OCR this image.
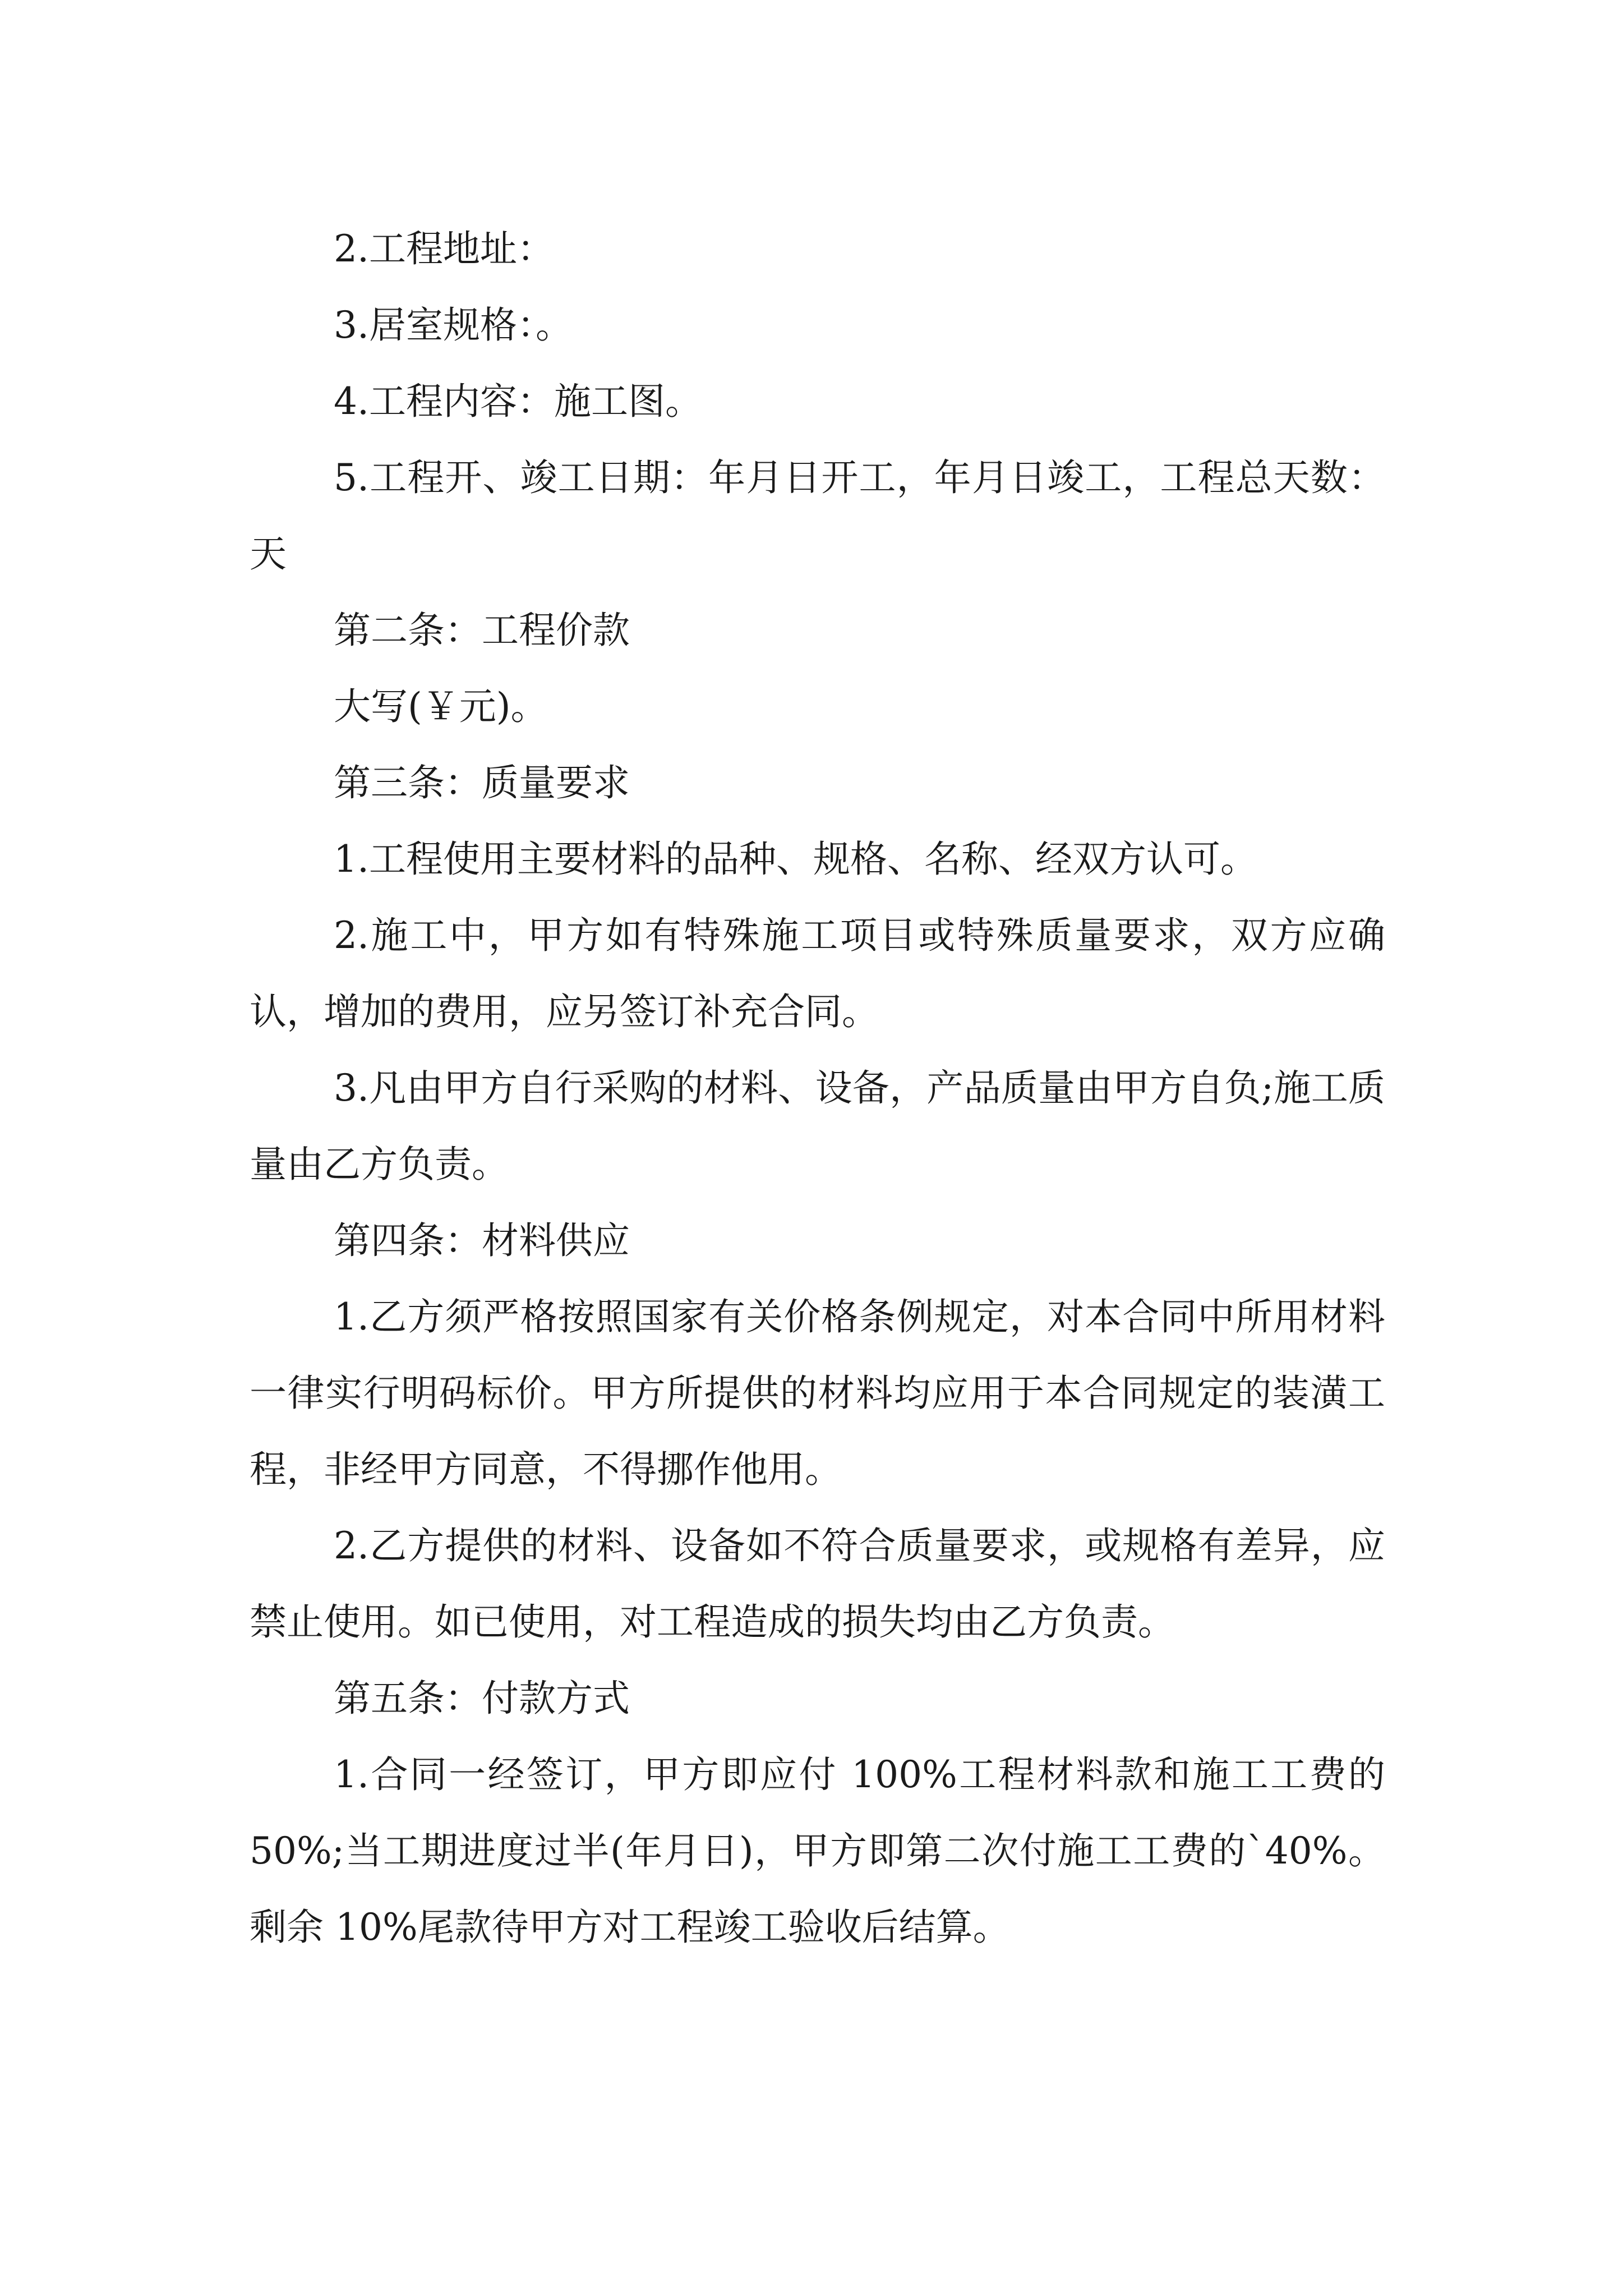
2.工程地址：

3.居室规格：。

4.工程内容：施工图。

5.工程开、竣工日期：年月日开工，年月日竣工，工程总天数：天

第二条：工程价款

大写(￥元)。

第三条：质量要求

1.工程使用主要材料的品种、规格、名称、经双方认可。

2.施工中，甲方如有特殊施工项目或特殊质量要求，双方应确认，增加的费用，应另签订补充合同。

3.凡由甲方自行采购的材料、设备，产品质量由甲方自负;施工质量由乙方负责。

第四条：材料供应

1.乙方须严格按照国家有关价格条例规定，对本合同中所用材料一律实行明码标价。甲方所提供的材料均应用于本合同规定的装潢工程，非经甲方同意，不得挪作他用。

2.乙方提供的材料、设备如不符合质量要求，或规格有差异，应禁止使用。如已使用，对工程造成的损失均由乙方负责。

第五条：付款方式

1.合同一经签订，甲方即应付 100%工程材料款和施工工费的 50%;当工期进度过半(年月日)，甲方即第二次付施工工费的`40%。剩余 10%尾款待甲方对工程竣工验收后结算。
